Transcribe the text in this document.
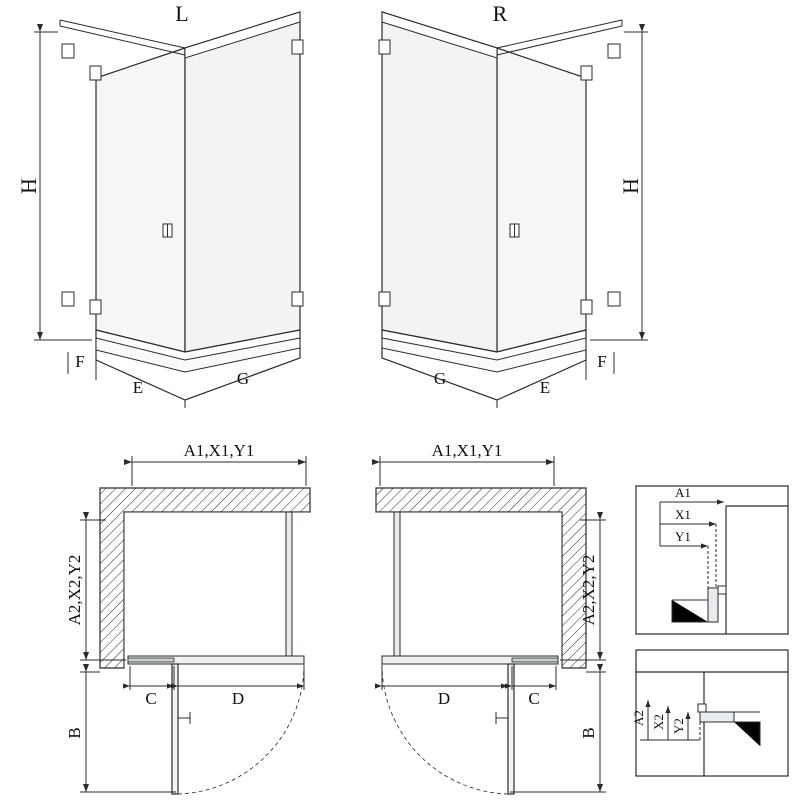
H
L
F
E	G
H
R
G	E
F
A1,X1,Y1
A2,X2,Y2
C	D
B
A1,X1,Y1
A2,X2,Y2
D	C
B
A1
X1
Y1
A2 X2 Y2
